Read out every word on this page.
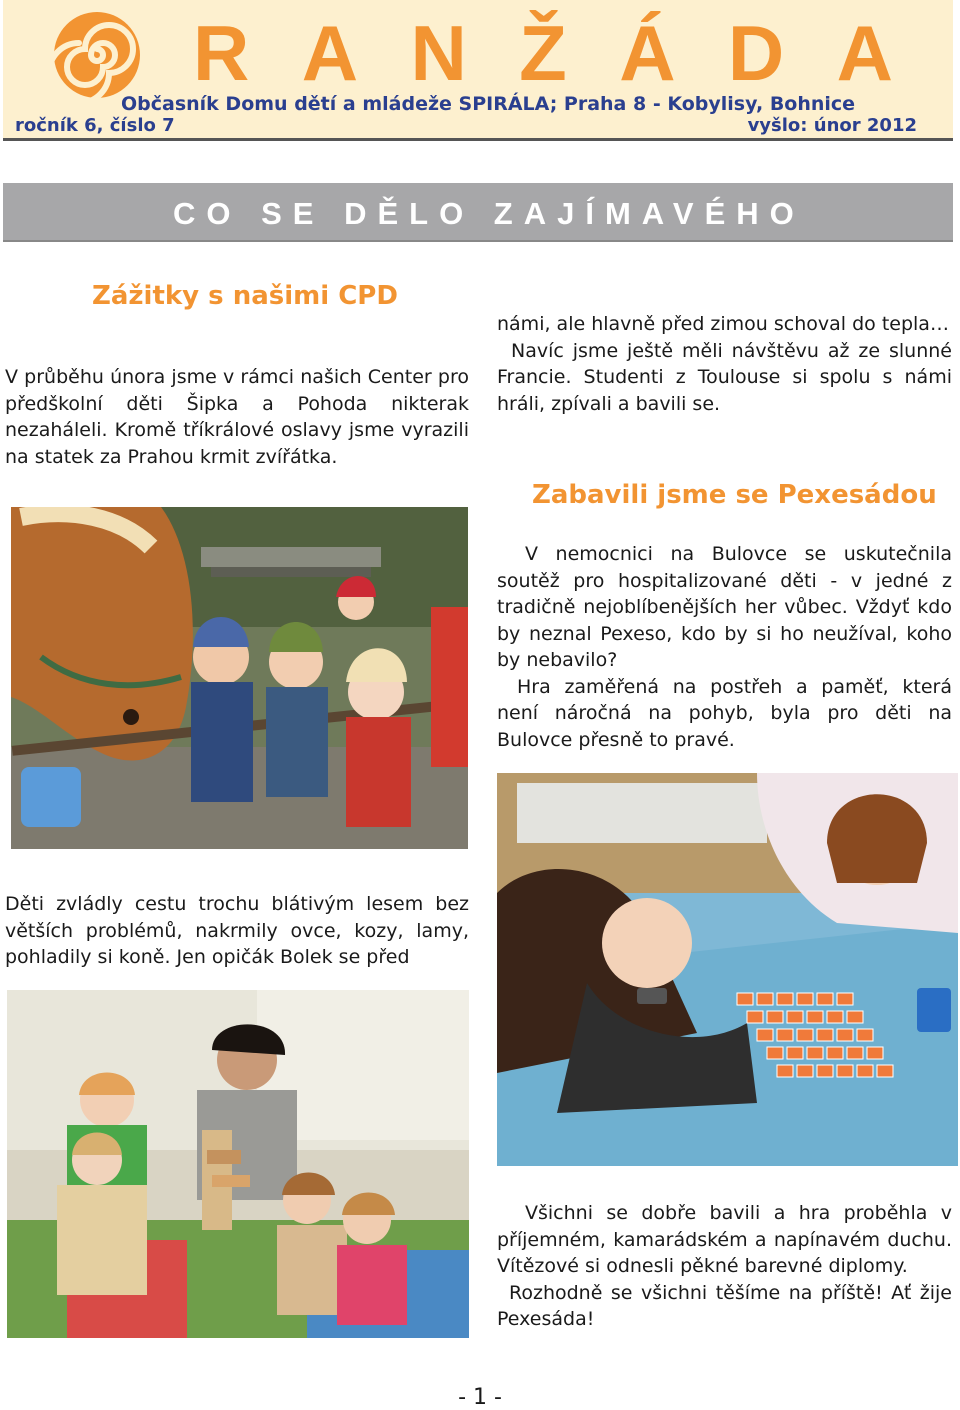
R A N Ž Á D A
Občasník Domu dětí a mládeže SPIRÁLA; Praha 8 - Kobylisy, Bohnice
ročník 6, číslo 7	vyšlo: únor 2012
CO SE DĚLO ZAJÍMAVÉHO
Zážitky s našimi CPD

V průběhu února jsme v rámci našich Center pro předškolní děti Šipka a Pohoda nikterak nezaháleli. Kromě tříkrálové oslavy jsme vyrazili na statek za Prahou krmit zvířátka.

Děti zvládly cestu trochu blátivým lesem bez větších problémů, nakrmily ovce, kozy, lamy, pohladily si koně. Jen opičák Bolek se před

námi, ale hlavně před zimou schoval do tepla…

Navíc jsme ještě měli návštěvu až ze slunné Francie. Studenti z Toulouse si spolu s námi hráli, zpívali a bavili se.

Zabavili jsme se Pexesádou

V nemocnici na Bulovce se uskutečnila soutěž pro hospitalizované děti - v jedné z tradičně nejoblíbenějších her vůbec. Vždyť kdo by neznal Pexeso, kdo by si ho neužíval, koho by nebavilo?

Hra zaměřená na postřeh a paměť, která není náročná na pohyb, byla pro děti na Bulovce přesně to pravé.

Všichni se dobře bavili a hra proběhla v příjemném, kamarádském a napínavém duchu. Vítězové si odnesli pěkné barevné diplomy.

Rozhodně se všichni těšíme na příště! Ať žije Pexesáda!

- 1 -
